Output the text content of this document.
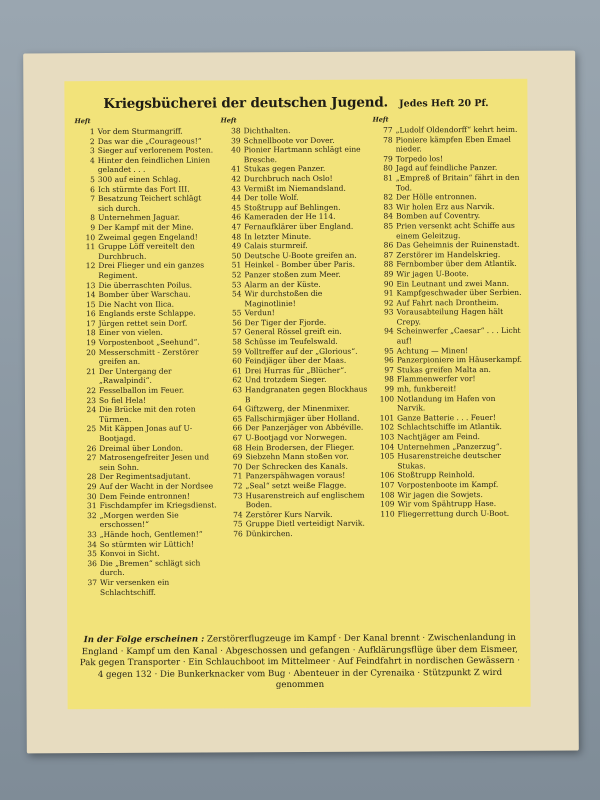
Kriegsbücherei der deutschen Jugend. Jedes Heft 20 Pf.
Heft
1 Vor dem Sturmangriff.
2 Das war die „Courageous!“
3 Sieger auf verlorenem Posten.
4 Hinter den feindlichen Linien gelandet . . .
5 300 auf einen Schlag.
6 Ich stürmte das Fort III.
7 Besatzung Teichert schlägt sich durch.
8 Unternehmen Jaguar.
9 Der Kampf mit der Mine.
10 Zweimal gegen Engeland!
11 Gruppe Löff vereitelt den Durchbruch.
12 Drei Flieger und ein ganzes Regiment.
13 Die überraschten Poilus.
14 Bomber über Warschau.
15 Die Nacht von Ilica.
16 Englands erste Schlappe.
17 Jürgen rettet sein Dorf.
18 Einer von vielen.
19 Vorpostenboot „Seehund“.
20 Messerschmitt - Zerstörer greifen an.
21 Der Untergang der „Rawalpindi“.
22 Fesselballon im Feuer.
23 So fiel Hela!
24 Die Brücke mit den roten Türmen.
25 Mit Käppen Jonas auf U-Bootjagd.
26 Dreimal über London.
27 Matrosengefreiter Jesen und sein Sohn.
28 Der Regimentsadjutant.
29 Auf der Wacht in der Nordsee
30 Dem Feinde entronnen!
31 Fischdampfer im Kriegsdienst.
32 „Morgen werden Sie erschossen!“
33 „Hände hoch, Gentlemen!“
34 So stürmten wir Lüttich!
35 Konvoi in Sicht.
36 Die „Bremen“ schlägt sich durch.
37 Wir versenken ein Schlachtschiff.
Heft
38 Dichthalten.
39 Schnellboote vor Dover.
40 Pionier Hartmann schlägt eine Bresche.
41 Stukas gegen Panzer.
42 Durchbruch nach Oslo!
43 Vermißt im Niemandsland.
44 Der tolle Wolf.
45 Stoßtrupp auf Behlingen.
46 Kameraden der He 114.
47 Fernaufklärer über England.
48 In letzter Minute.
49 Calais sturmreif.
50 Deutsche U-Boote greifen an.
51 Heinkel - Bomber über Paris.
52 Panzer stoßen zum Meer.
53 Alarm an der Küste.
54 Wir durchstoßen die Maginotlinie!
55 Verdun!
56 Der Tiger der Fjorde.
57 General Rössel greift ein.
58 Schüsse im Teufelswald.
59 Volltreffer auf der „Glorious“.
60 Feindjäger über der Maas.
61 Drei Hurras für „Blücher“.
62 Und trotzdem Sieger.
63 Handgranaten gegen Blockhaus B
64 Giftzwerg, der Minenmixer.
65 Fallschirmjäger über Holland.
66 Der Panzerjäger von Abbéville.
67 U-Bootjagd vor Norwegen.
68 Hein Brodersen, der Flieger.
69 Siebzehn Mann stoßen vor.
70 Der Schrecken des Kanals.
71 Panzerspähwagen voraus!
72 „Seal“ setzt weiße Flagge.
73 Husarenstreich auf englischem Boden.
74 Zerstörer Kurs Narvik.
75 Gruppe Dietl verteidigt Narvik.
76 Dünkirchen.
Heft
77 „Ludolf Oldendorff“ kehrt heim.
78 Pioniere kämpfen Eben Emael nieder.
79 Torpedo los!
80 Jagd auf feindliche Panzer.
81 „Empreß of Britain“ fährt in den Tod.
82 Der Hölle entronnen.
83 Wir holen Erz aus Narvik.
84 Bomben auf Coventry.
85 Prien versenkt acht Schiffe aus einem Geleitzug.
86 Das Geheimnis der Ruinenstadt.
87 Zerstörer im Handelskrieg.
88 Fernbomber über dem Atlantik.
89 Wir jagen U-Boote.
90 Ein Leutnant und zwei Mann.
91 Kampfgeschwader über Serbien.
92 Auf Fahrt nach Drontheim.
93 Vorausabteilung Hagen hält Crepy.
94 Scheinwerfer „Caesar“ . . . Licht auf!
95 Achtung — Minen!
96 Panzerpioniere im Häuserkampf.
97 Stukas greifen Malta an.
98 Flammenwerfer vor!
99 mh, funkbereit!
100 Notlandung im Hafen von Narvik.
101 Ganze Batterie . . . Feuer!
102 Schlachtschiffe im Atlantik.
103 Nachtjäger am Feind.
104 Unternehmen „Panzerzug“.
105 Husarenstreiche deutscher Stukas.
106 Stoßtrupp Reinhold.
107 Vorpostenboote im Kampf.
108 Wir jagen die Sowjets.
109 Wir vom Spähtrupp Hase.
110 Fliegerrettung durch U-Boot.
In der Folge erscheinen : Zerstörerflugzeuge im Kampf · Der Kanal brennt · Zwischenlandung in England · Kampf um den Kanal · Abgeschossen und gefangen · Aufklärungsflüge über dem Eismeer, Pak gegen Transporter · Ein Schlauchboot im Mittelmeer · Auf Feindfahrt in nordischen Gewässern · 4 gegen 132 · Die Bunkerknacker vom Bug · Abenteuer in der Cyrenaika · Stützpunkt Z wird genommen
